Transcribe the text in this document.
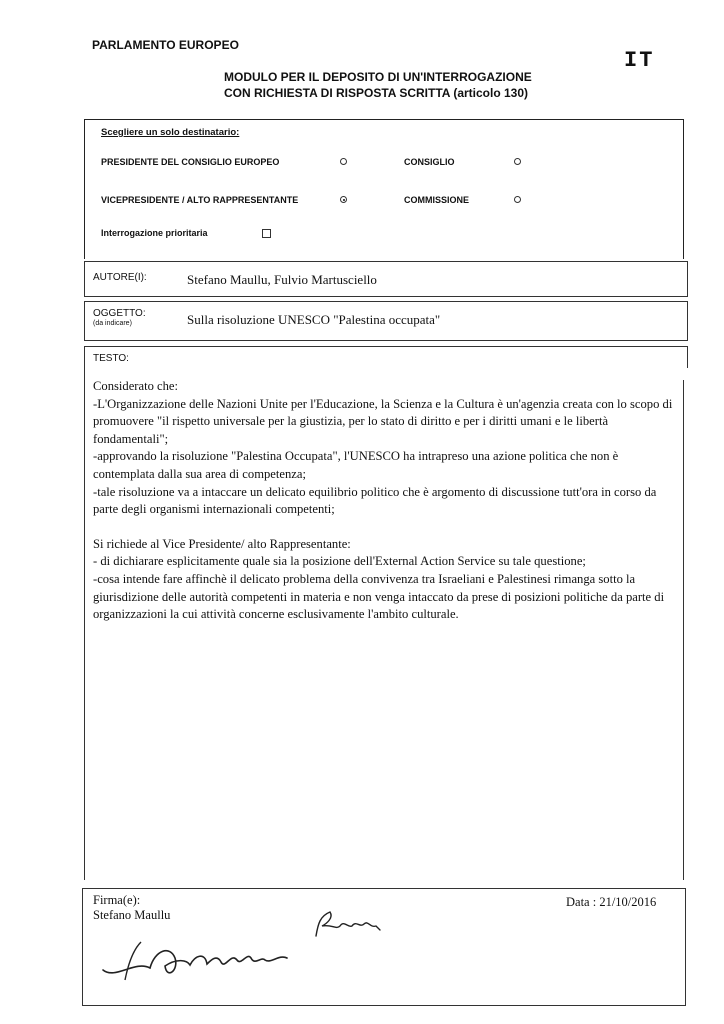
PARLAMENTO EUROPEO
IT
MODULO PER IL DEPOSITO DI UN'INTERROGAZIONE
CON RICHIESTA DI RISPOSTA SCRITTA (articolo 130)
Scegliere un solo destinatario:
PRESIDENTE DEL CONSIGLIO EUROPEO	CONSIGLIO
VICEPRESIDENTE / ALTO RAPPRESENTANTE	COMMISSIONE
Interrogazione prioritaria
AUTORE(I):	Stefano Maullu, Fulvio Martusciello
OGGETTO:
(da indicare)	Sulla risoluzione UNESCO "Palestina occupata"
TESTO:

Considerato che:

-L'Organizzazione delle Nazioni Unite per l'Educazione, la Scienza e la Cultura è un'agenzia creata con lo scopo di promuovere "il rispetto universale per la giustizia, per lo stato di diritto e per i diritti umani e le libertà fondamentali";

-approvando la risoluzione "Palestina Occupata", l'UNESCO ha intrapreso una azione politica che non è contemplata dalla sua area di competenza;

-tale risoluzione va a intaccare un delicato equilibrio politico che è argomento di discussione tutt'ora in corso da parte degli organismi internazionali competenti;

Si richiede al Vice Presidente/ alto Rappresentante:

- di dichiarare esplicitamente quale sia la posizione dell'External Action Service su tale questione;

-cosa intende fare affinchè il delicato problema della convivenza tra Israeliani e Palestinesi rimanga sotto la giurisdizione delle autorità competenti in materia e non venga intaccato da prese di posizioni politiche da parte di organizzazioni la cui attività concerne esclusivamente l'ambito culturale.

Firma(e):
Stefano Maullu
Data : 21/10/2016
